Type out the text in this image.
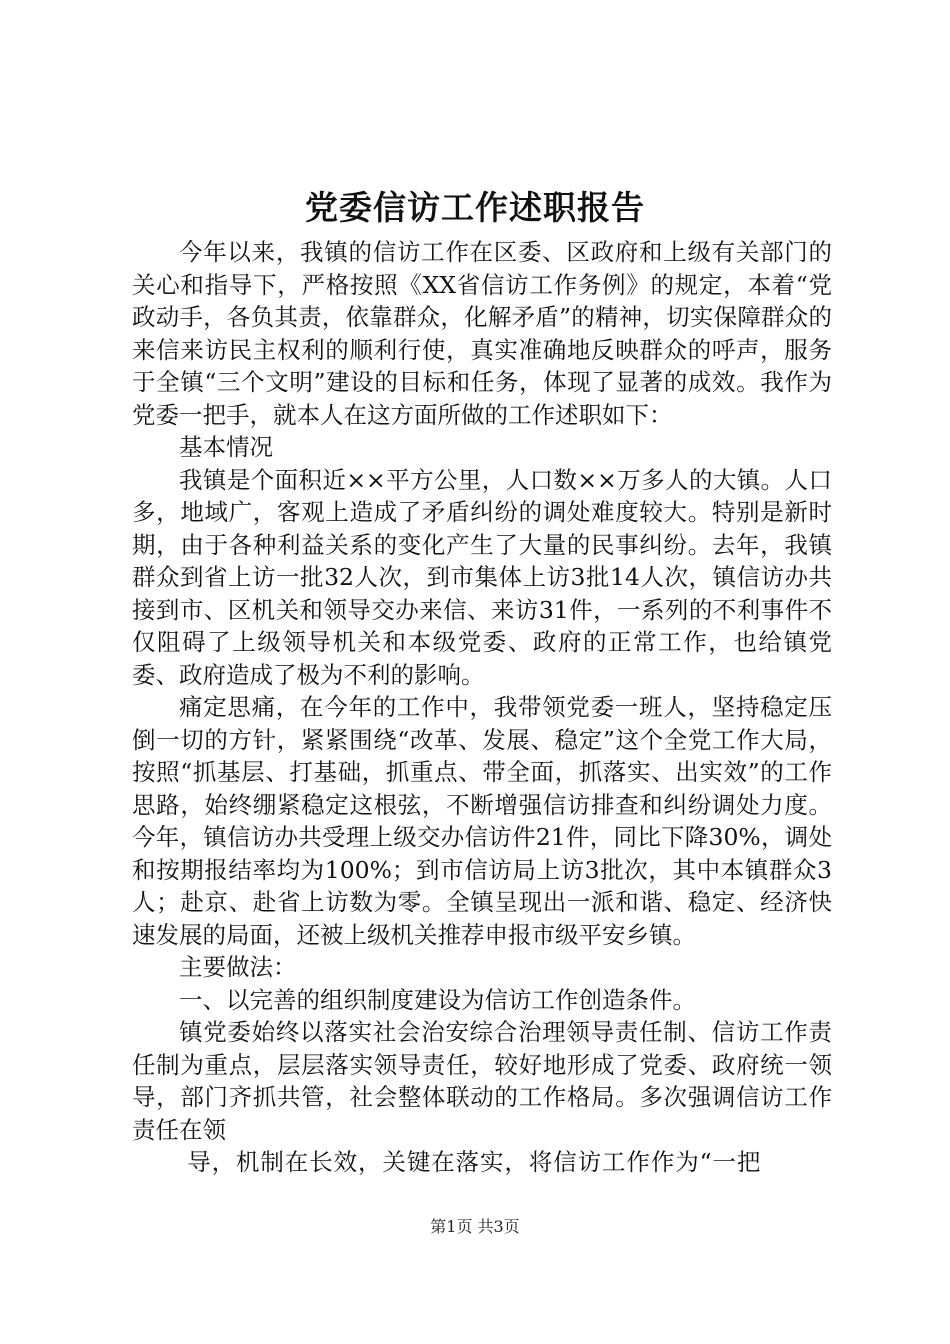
党委信访工作述职报告

今年以来，我镇的信访工作在区委、区政府和上级有关部门的关心和指导下，严格按照《XX省信访工作务例》的规定，本着“党政动手，各负其责，依靠群众，化解矛盾”的精神，切实保障群众的来信来访民主权利的顺利行使，真实准确地反映群众的呼声，服务于全镇“三个文明”建设的目标和任务，体现了显著的成效。我作为党委一把手，就本人在这方面所做的工作述职如下：

基本情况

我镇是个面积近××平方公里，人口数××万多人的大镇。人口多，地域广，客观上造成了矛盾纠纷的调处难度较大。特别是新时期，由于各种利益关系的变化产生了大量的民事纠纷。去年，我镇群众到省上访一批32人次，到市集体上访3批14人次，镇信访办共接到市、区机关和领导交办来信、来访31件，一系列的不利事件不仅阻碍了上级领导机关和本级党委、政府的正常工作，也给镇党委、政府造成了极为不利的影响。

痛定思痛，在今年的工作中，我带领党委一班人，坚持稳定压倒一切的方针，紧紧围绕“改革、发展、稳定”这个全党工作大局，按照“抓基层、打基础，抓重点、带全面，抓落实、出实效”的工作思路，始终绷紧稳定这根弦，不断增强信访排查和纠纷调处力度。今年，镇信访办共受理上级交办信访件21件，同比下降30%，调处和按期报结率均为100%；到市信访局上访3批次，其中本镇群众3人；赴京、赴省上访数为零。全镇呈现出一派和谐、稳定、经济快速发展的局面，还被上级机关推荐申报市级平安乡镇。

主要做法：

一、以完善的组织制度建设为信访工作创造条件。

镇党委始终以落实社会治安综合治理领导责任制、信访工作责任制为重点，层层落实领导责任，较好地形成了党委、政府统一领导，部门齐抓共管，社会整体联动的工作格局。多次强调信访工作责任在领

导，机制在长效，关键在落实，将信访工作作为“一把

第1页 共3页
